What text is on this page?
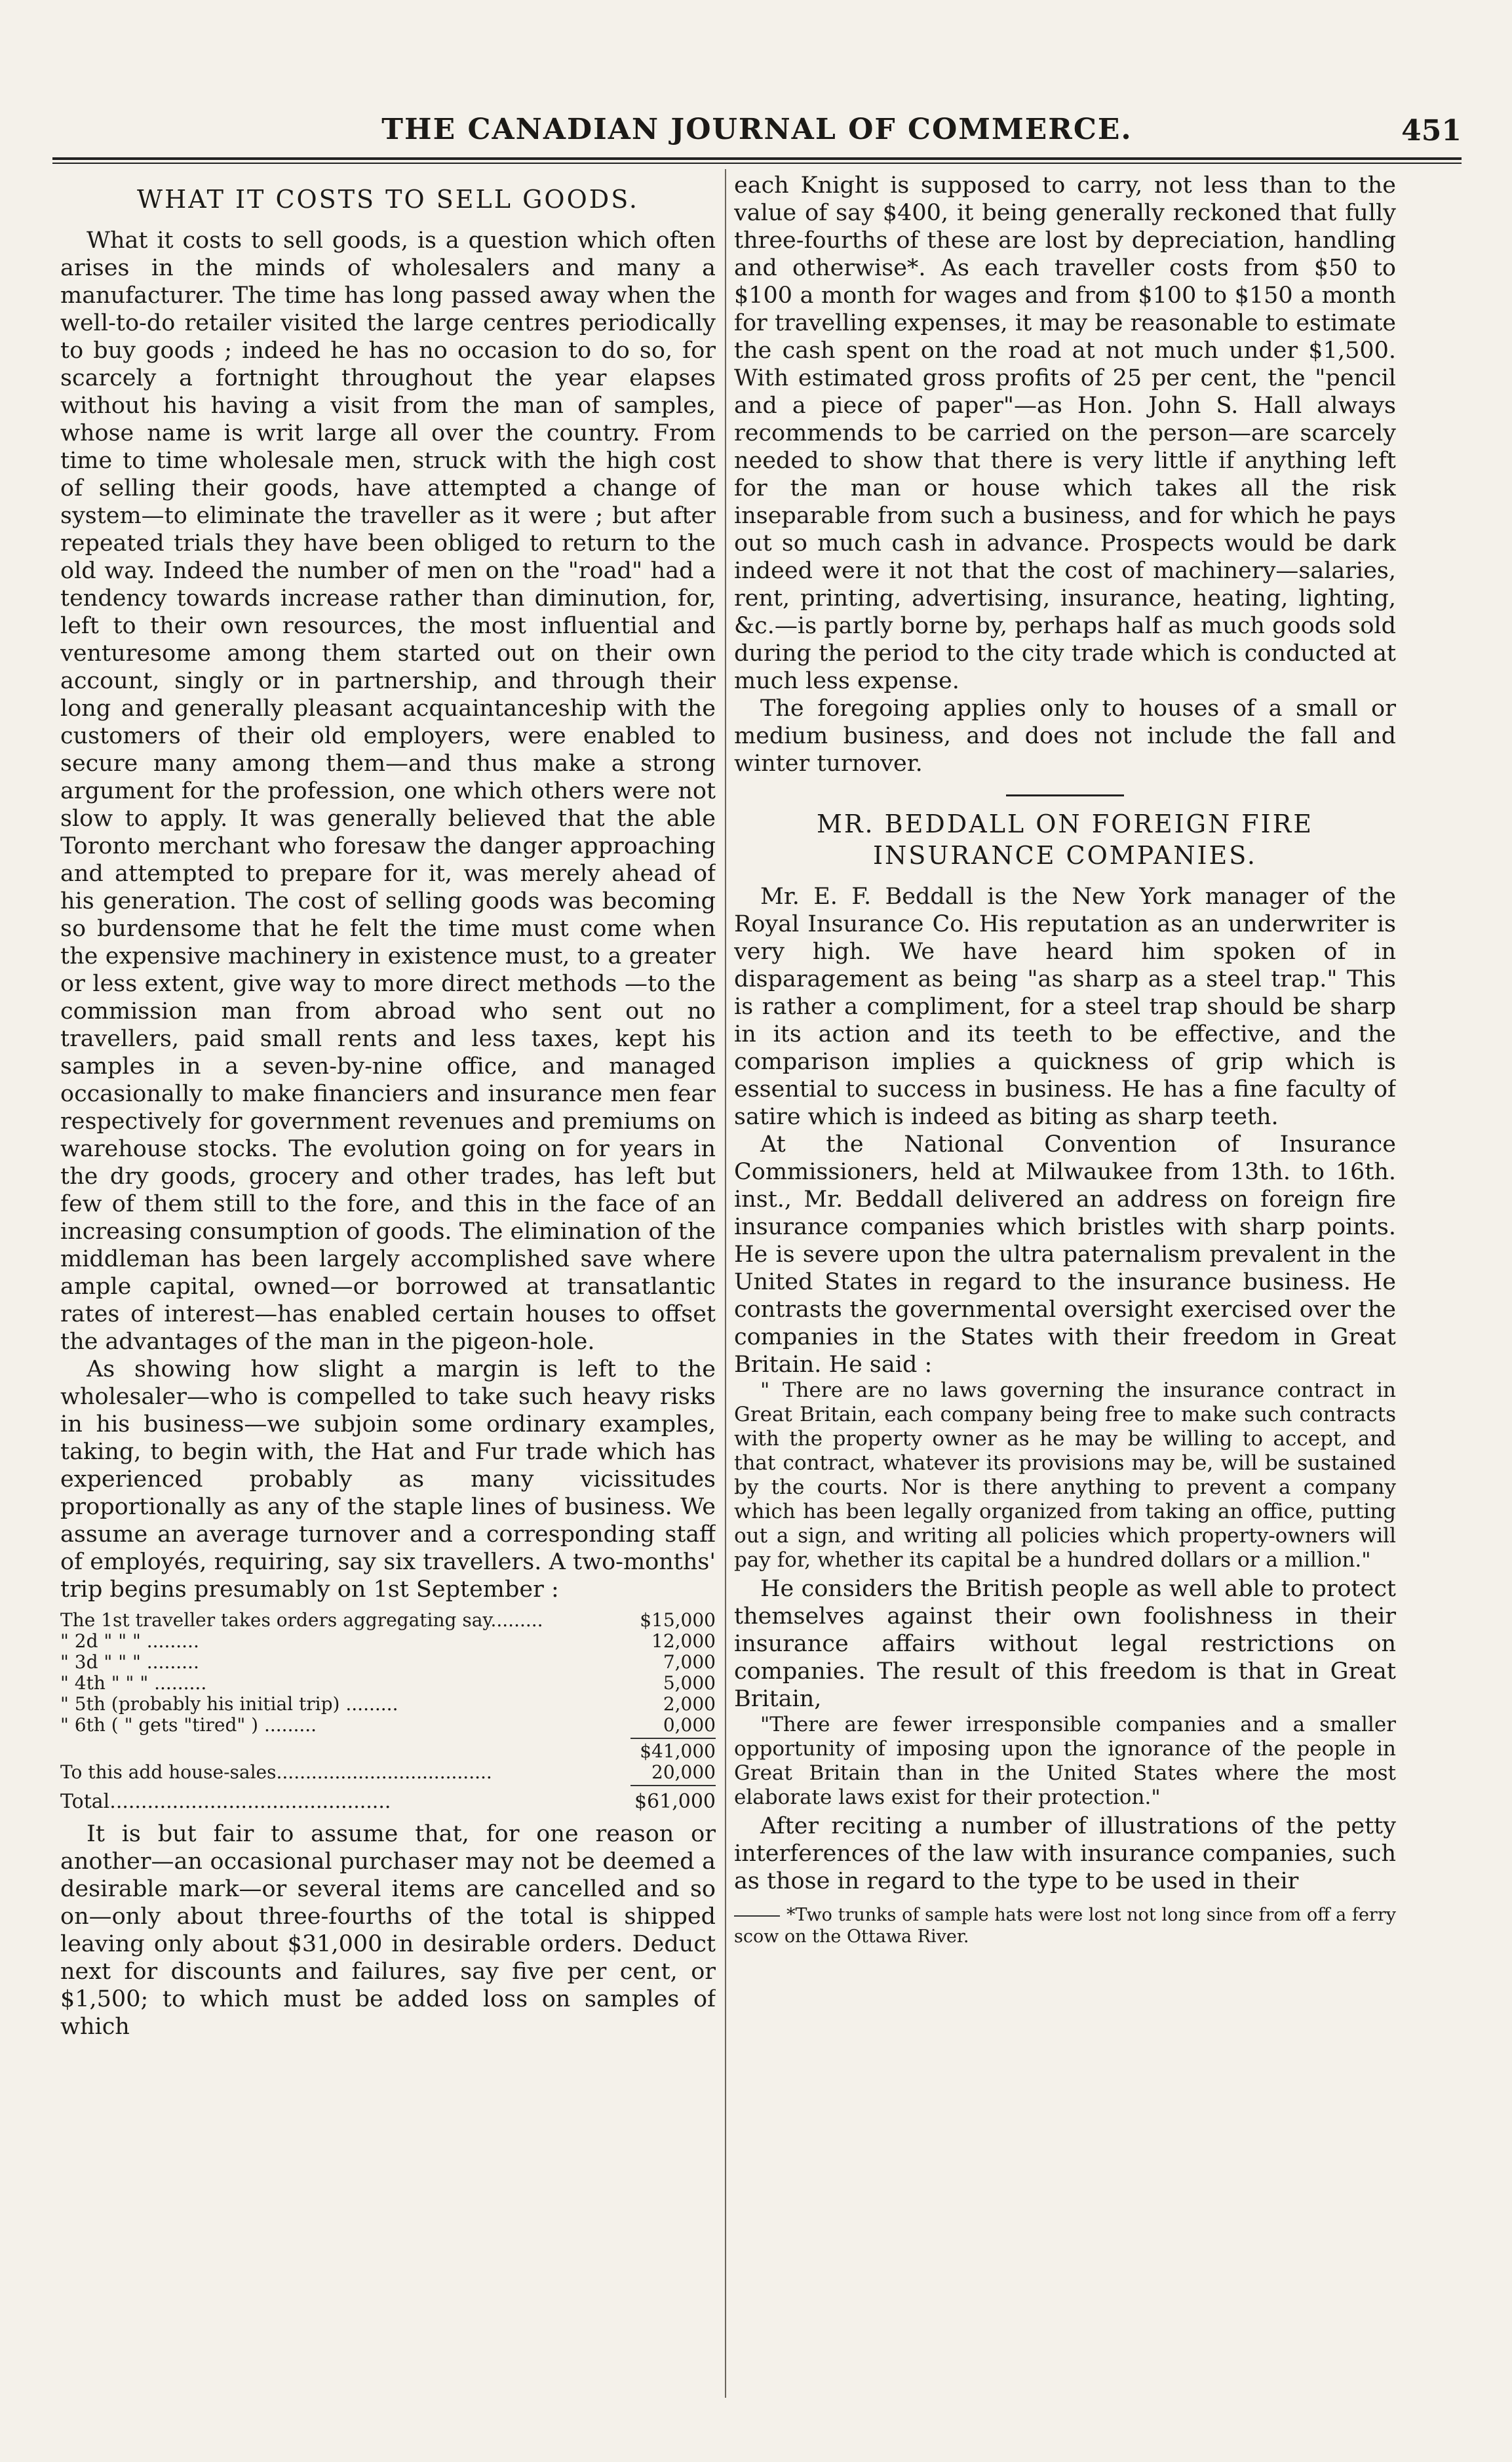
THE CANADIAN JOURNAL OF COMMERCE.	451
WHAT IT COSTS TO SELL GOODS.

What it costs to sell goods, is a question which often arises in the minds of wholesalers and many a manufacturer. The time has long passed away when the well-to-do retailer visited the large centres periodically to buy goods ; indeed he has no occasion to do so, for scarcely a fortnight throughout the year elapses without his having a visit from the man of samples, whose name is writ large all over the country. From time to time wholesale men, struck with the high cost of selling their goods, have attempted a change of system—to eliminate the traveller as it were ; but after repeated trials they have been obliged to return to the old way. Indeed the number of men on the "road" had a tendency towards increase rather than diminution, for, left to their own resources, the most influential and venturesome among them started out on their own account, singly or in partnership, and through their long and generally pleasant acquaintanceship with the customers of their old employers, were enabled to secure many among them—and thus make a strong argument for the profession, one which others were not slow to apply. It was generally believed that the able Toronto merchant who foresaw the danger approaching and attempted to prepare for it, was merely ahead of his generation. The cost of selling goods was becoming so burdensome that he felt the time must come when the expensive machinery in existence must, to a greater or less extent, give way to more direct methods —to the commission man from abroad who sent out no travellers, paid small rents and less taxes, kept his samples in a seven-by-nine office, and managed occasionally to make financiers and insurance men fear respectively for government revenues and premiums on warehouse stocks. The evolution going on for years in the dry goods, grocery and other trades, has left but few of them still to the fore, and this in the face of an increasing consumption of goods. The elimination of the middleman has been largely accomplished save where ample capital, owned—or borrowed at transatlantic rates of interest—has enabled certain houses to offset the advantages of the man in the pigeon-hole.

As showing how slight a margin is left to the wholesaler—who is compelled to take such heavy risks in his business—we subjoin some ordinary examples, taking, to begin with, the Hat and Fur trade which has experienced probably as many vicissitudes proportionally as any of the staple lines of business. We assume an average turnover and a corresponding staff of employés, requiring, say six travellers. A two-months' trip begins presumably on 1st September :

The 1st traveller takes orders aggregating say.........	$15,000
" 2d " " " .........	12,000
" 3d " " " .........	7,000
" 4th " " " .........	5,000
" 5th (probably his initial trip) .........	2,000
" 6th ( " gets "tired" ) .........	0,000
$41,000
To this add house-sales.....................................	20,000
Total.............................................	$61,000

It is but fair to assume that, for one reason or another—an occasional purchaser may not be deemed a desirable mark—or several items are cancelled and so on—only about three-fourths of the total is shipped leaving only about $31,000 in desirable orders. Deduct next for discounts and failures, say five per cent, or $1,500; to which must be added loss on samples of which

each Knight is supposed to carry, not less than to the value of say $400, it being generally reckoned that fully three-fourths of these are lost by depreciation, handling and otherwise*. As each traveller costs from $50 to $100 a month for wages and from $100 to $150 a month for travelling expenses, it may be reasonable to estimate the cash spent on the road at not much under $1,500. With estimated gross profits of 25 per cent, the "pencil and a piece of paper"—as Hon. John S. Hall always recommends to be carried on the person—are scarcely needed to show that there is very little if anything left for the man or house which takes all the risk inseparable from such a business, and for which he pays out so much cash in advance. Prospects would be dark indeed were it not that the cost of machinery—salaries, rent, printing, advertising, insurance, heating, lighting, &c.—is partly borne by, perhaps half as much goods sold during the period to the city trade which is conducted at much less expense.

The foregoing applies only to houses of a small or medium business, and does not include the fall and winter turnover.

MR. BEDDALL ON FOREIGN FIRE INSURANCE COMPANIES.

Mr. E. F. Beddall is the New York manager of the Royal Insurance Co. His reputation as an underwriter is very high. We have heard him spoken of in disparagement as being "as sharp as a steel trap." This is rather a compliment, for a steel trap should be sharp in its action and its teeth to be effective, and the comparison implies a quickness of grip which is essential to success in business. He has a fine faculty of satire which is indeed as biting as sharp teeth.

At the National Convention of Insurance Commissioners, held at Milwaukee from 13th. to 16th. inst., Mr. Beddall delivered an address on foreign fire insurance companies which bristles with sharp points. He is severe upon the ultra paternalism prevalent in the United States in regard to the insurance business. He contrasts the governmental oversight exercised over the companies in the States with their freedom in Great Britain. He said :

" There are no laws governing the insurance contract in Great Britain, each company being free to make such contracts with the property owner as he may be willing to accept, and that contract, whatever its provisions may be, will be sustained by the courts. Nor is there anything to prevent a company which has been legally organized from taking an office, putting out a sign, and writing all policies which property-owners will pay for, whether its capital be a hundred dollars or a million."

He considers the British people as well able to protect themselves against their own foolishness in their insurance affairs without legal restrictions on companies. The result of this freedom is that in Great Britain,

"There are fewer irresponsible companies and a smaller opportunity of imposing upon the ignorance of the people in Great Britain than in the United States where the most elaborate laws exist for their protection."

After reciting a number of illustrations of the petty interferences of the law with insurance companies, such as those in regard to the type to be used in their

*Two trunks of sample hats were lost not long since from off a ferry scow on the Ottawa River.
